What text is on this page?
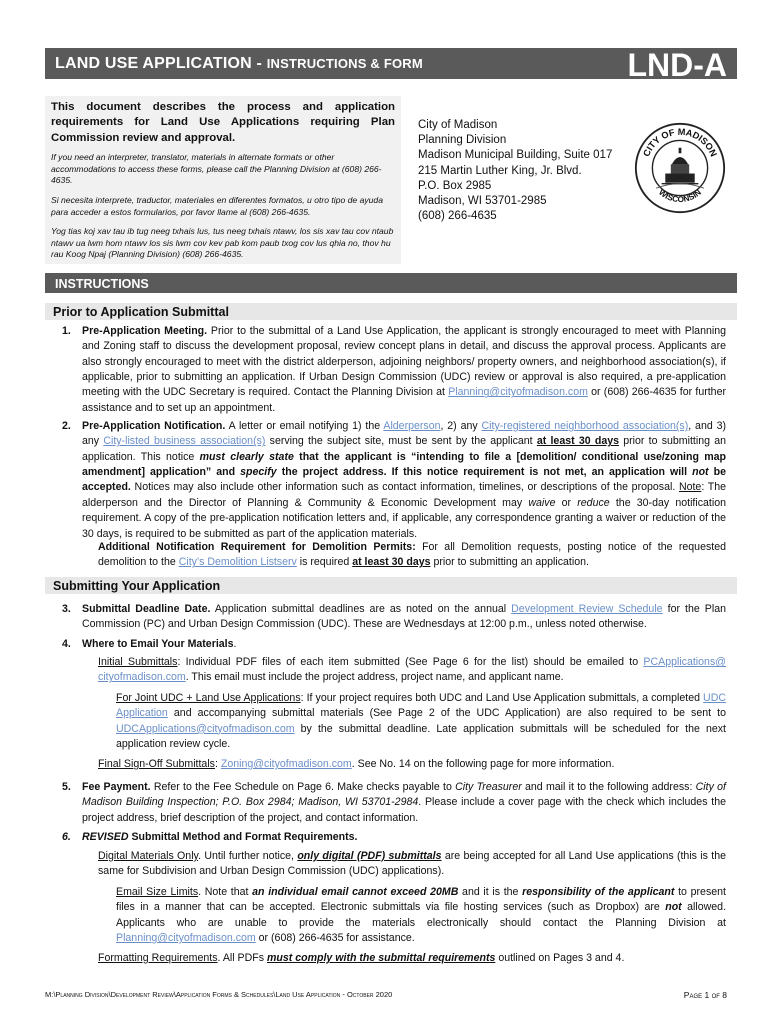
LAND USE APPLICATION - INSTRUCTIONS & FORM	LND-A

This document describes the process and application requirements for Land Use Applications requiring Plan Commission review and approval.

If you need an interpreter, translator, materials in alternate formats or other accommodations to access these forms, please call the Planning Division at (608) 266-4635.

Si necesita interprete, traductor, materiales en diferentes formatos, u otro tipo de ayuda para acceder a estos formularios, por favor llame al (608) 266-4635.

Yog tias koj xav tau ib tug neeg txhais lus, tus neeg txhais ntawv, los sis xav tau cov ntaub ntawv ua lwm hom ntawv los sis lwm cov kev pab kom paub txog cov lus qhia no, thov hu rau Koog Npaj (Planning Division) (608) 266-4635.

City of Madison
Planning Division
Madison Municipal Building, Suite 017
215 Martin Luther King, Jr. Blvd.
P.O. Box 2985
Madison, WI 53701-2985
(608) 266-4635
CITY OF MADISON
WISCONSIN
INSTRUCTIONS
Prior to Application Submittal
1. Pre-Application Meeting. Prior to the submittal of a Land Use Application, the applicant is strongly encouraged to meet with Planning and Zoning staff to discuss the development proposal, review concept plans in detail, and discuss the approval process. Applicants are also strongly encouraged to meet with the district alderperson, adjoining neighbors/ property owners, and neighborhood association(s), if applicable, prior to submitting an application. If Urban Design Commission (UDC) review or approval is also required, a pre-application meeting with the UDC Secretary is required. Contact the Planning Division at Planning@cityofmadison.com or (608) 266-4635 for further assistance and to set up an appointment.
2. Pre-Application Notification. A letter or email notifying 1) the Alderperson, 2) any City-registered neighborhood association(s), and 3) any City-listed business association(s) serving the subject site, must be sent by the applicant at least 30 days prior to submitting an application. This notice must clearly state that the applicant is “intending to file a [demolition/ conditional use/zoning map amendment] application” and specify the project address. If this notice requirement is not met, an application will not be accepted. Notices may also include other information such as contact information, timelines, or descriptions of the proposal. Note: The alderperson and the Director of Planning & Community & Economic Development may waive or reduce the 30-day notification requirement. A copy of the pre-application notification letters and, if applicable, any correspondence granting a waiver or reduction of the 30 days, is required to be submitted as part of the application materials.
Additional Notification Requirement for Demolition Permits: For all Demolition requests, posting notice of the requested demolition to the City’s Demolition Listserv is required at least 30 days prior to submitting an application.
Submitting Your Application
3. Submittal Deadline Date. Application submittal deadlines are as noted on the annual Development Review Schedule for the Plan Commission (PC) and Urban Design Commission (UDC). These are Wednesdays at 12:00 p.m., unless noted otherwise.
4. Where to Email Your Materials.
Initial Submittals: Individual PDF files of each item submitted (See Page 6 for the list) should be emailed to PCApplications@ cityofmadison.com. This email must include the project address, project name, and applicant name.
For Joint UDC + Land Use Applications: If your project requires both UDC and Land Use Application submittals, a completed UDC Application and accompanying submittal materials (See Page 2 of the UDC Application) are also required to be sent to UDCApplications@cityofmadison.com by the submittal deadline. Late application submittals will be scheduled for the next application review cycle.
Final Sign-Off Submittals: Zoning@cityofmadison.com. See No. 14 on the following page for more information.
5. Fee Payment. Refer to the Fee Schedule on Page 6. Make checks payable to City Treasurer and mail it to the following address: City of Madison Building Inspection; P.O. Box 2984; Madison, WI 53701-2984. Please include a cover page with the check which includes the project address, brief description of the project, and contact information.
6. REVISED Submittal Method and Format Requirements.
Digital Materials Only. Until further notice, only digital (PDF) submittals are being accepted for all Land Use applications (this is the same for Subdivision and Urban Design Commission (UDC) applications).
Email Size Limits. Note that an individual email cannot exceed 20MB and it is the responsibility of the applicant to present files in a manner that can be accepted. Electronic submittals via file hosting services (such as Dropbox) are not allowed. Applicants who are unable to provide the materials electronically should contact the Planning Division at Planning@cityofmadison.com or (608) 266-4635 for assistance.
Formatting Requirements. All PDFs must comply with the submittal requirements outlined on Pages 3 and 4.
M:\Planning Division\Development Review\Application Forms & Schedules\Land Use Application - October 2020	Page 1 of 8
